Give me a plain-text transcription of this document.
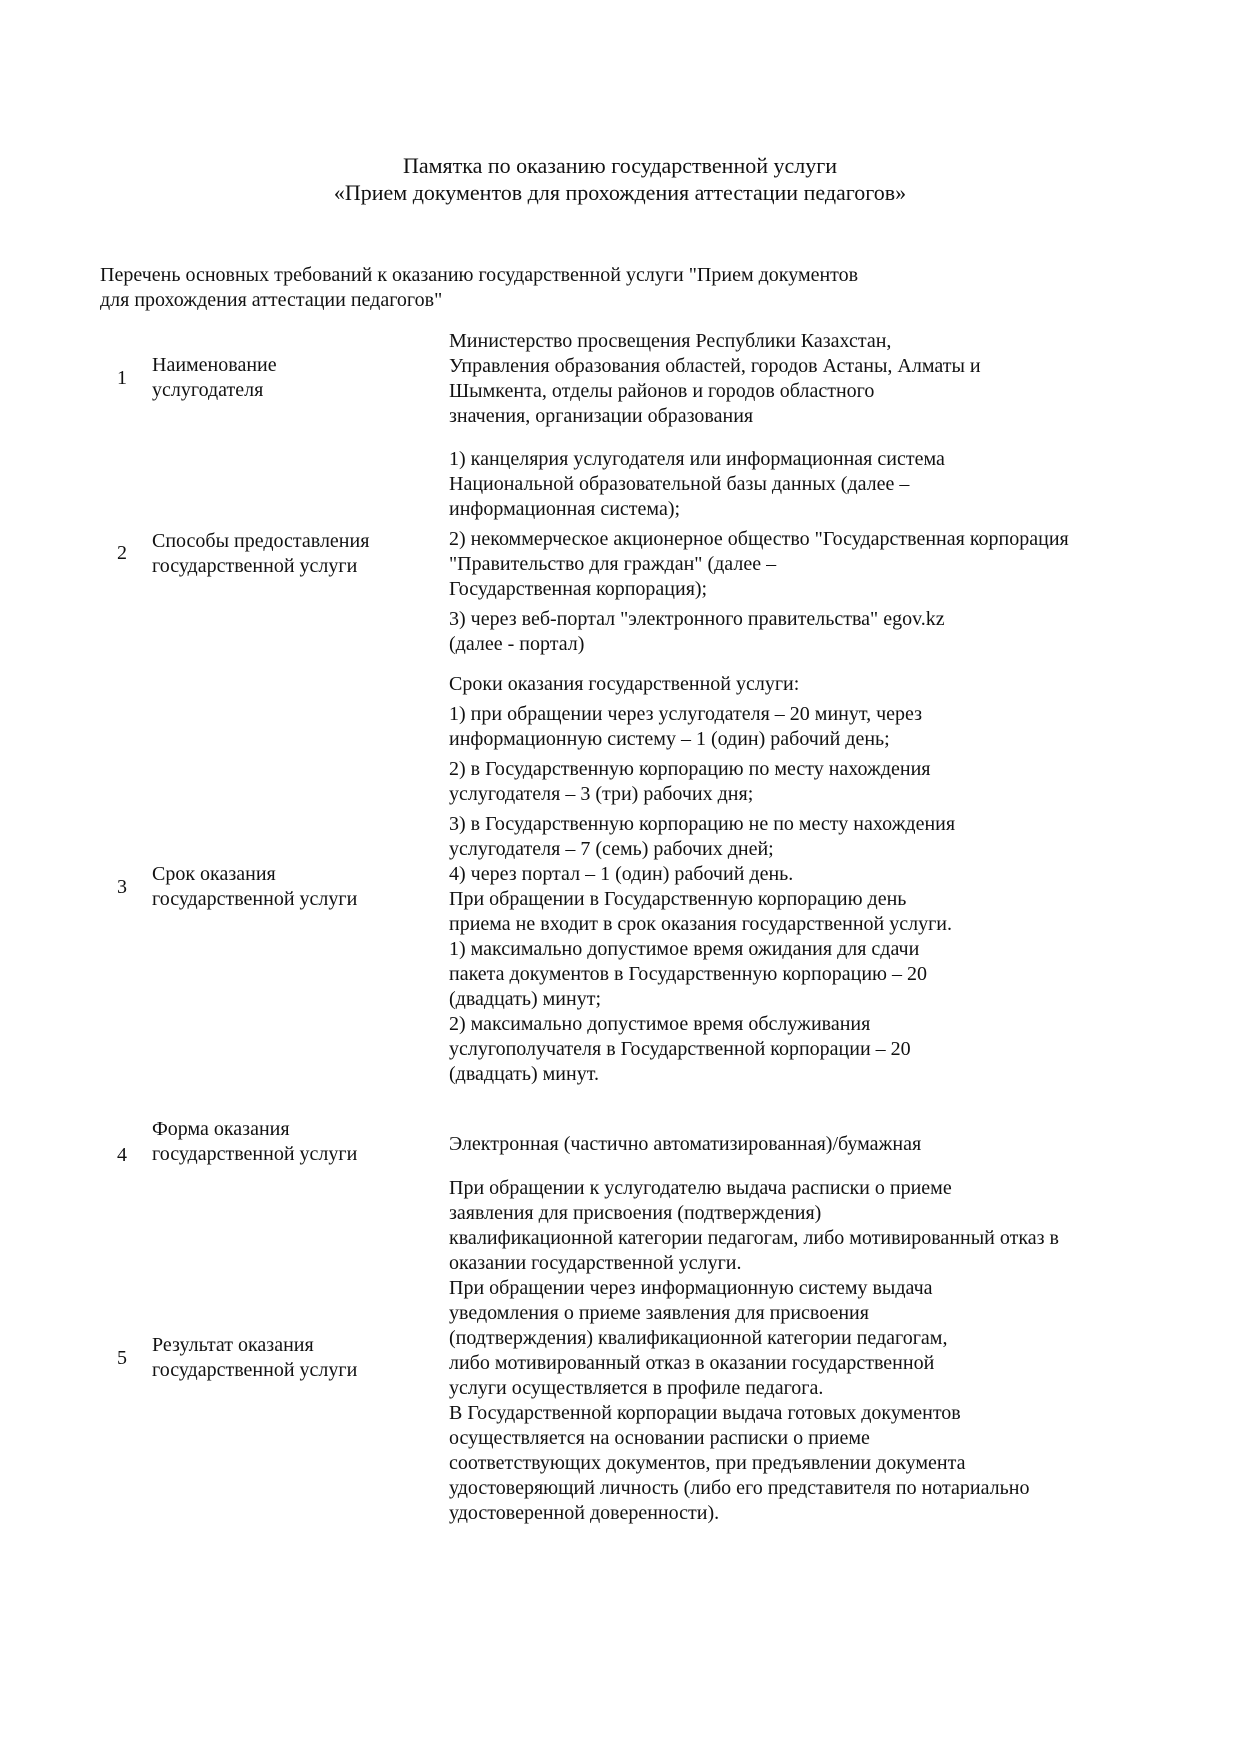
Памятка по оказанию государственной услуги
«Прием документов для прохождения аттестации педагогов»
Перечень основных требований к оказанию государственной услуги "Прием документов
для прохождения аттестации педагогов"
1
Наименование
услугодателя
Министерство просвещения Республики Казахстан,
Управления образования областей, городов Астаны, Алматы и
Шымкента, отделы районов и городов областного
значения, организации образования
2
Способы предоставления
государственной услуги
1) канцелярия услугодателя или информационная система
Национальной образовательной базы данных (далее –
информационная система);
2) некоммерческое акционерное общество "Государственная корпорация
"Правительство для граждан" (далее –
Государственная корпорация);
3) через веб-портал "электронного правительства" egov.kz
(далее - портал)
3
Срок оказания
государственной услуги
Сроки оказания государственной услуги:
1) при обращении через услугодателя – 20 минут, через
информационную систему – 1 (один) рабочий день;
2) в Государственную корпорацию по месту нахождения
услугодателя – 3 (три) рабочих дня;
3) в Государственную корпорацию не по месту нахождения
услугодателя – 7 (семь) рабочих дней;
4) через портал – 1 (один) рабочий день.
При обращении в Государственную корпорацию день
приема не входит в срок оказания государственной услуги.
1) максимально допустимое время ожидания для сдачи
пакета документов в Государственную корпорацию – 20
(двадцать) минут;
2) максимально допустимое время обслуживания
услугополучателя в Государственной корпорации – 20
(двадцать) минут.
4
Форма оказания
государственной услуги	Электронная (частично автоматизированная)/бумажная
5
Результат оказания
государственной услуги
При обращении к услугодателю выдача расписки о приеме
заявления для присвоения (подтверждения)
квалификационной категории педагогам, либо мотивированный отказ в
оказании государственной услуги.
При обращении через информационную систему выдача
уведомления о приеме заявления для присвоения
(подтверждения) квалификационной категории педагогам,
либо мотивированный отказ в оказании государственной
услуги осуществляется в профиле педагога.
В Государственной корпорации выдача готовых документов
осуществляется на основании расписки о приеме
соответствующих документов, при предъявлении документа
удостоверяющий личность (либо его представителя по нотариально
удостоверенной доверенности).
